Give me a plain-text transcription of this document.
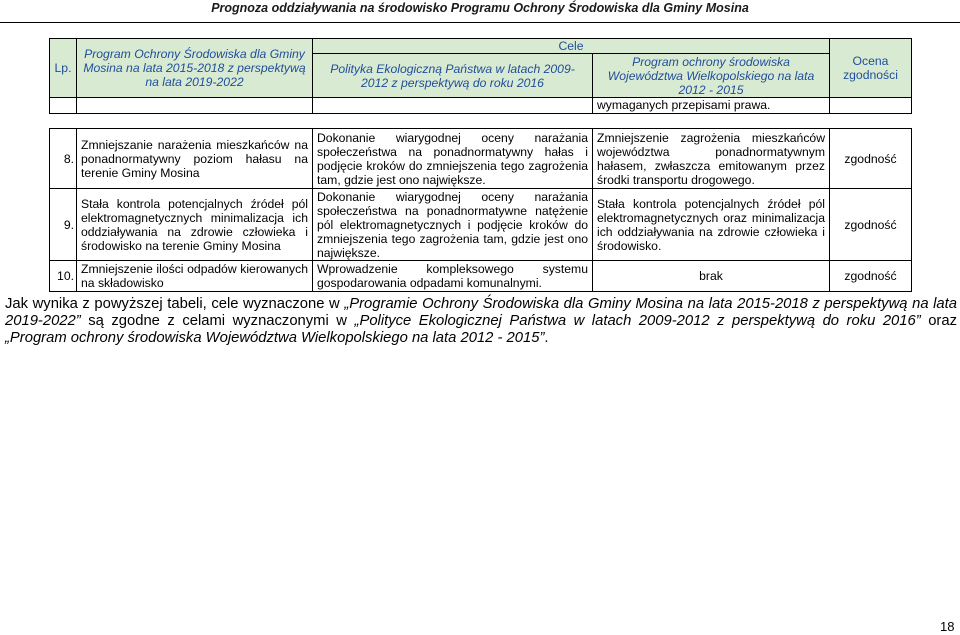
Prognoza oddziaływania na środowisko Programu Ochrony Środowiska dla Gminy Mosina
Lp.	Program Ochrony Środowiska dla Gminy Mosina na lata 2015-2018 z perspektywą na lata 2019-2022	Cele		Ocena zgodności
		Polityka Ekologiczną Państwa w latach 2009-2012 z perspektywą do roku 2016	Program ochrony środowiska Województwa Wielkopolskiego na lata 2012 - 2015	
			wymaganych przepisami prawa.	

8.	Zmniejszanie narażenia mieszkańców na ponadnormatywny poziom hałasu na terenie Gminy Mosina	Dokonanie wiarygodnej oceny narażania społeczeństwa na ponadnormatywny hałas i podjęcie kroków do zmniejszenia tego zagrożenia tam, gdzie jest ono największe.	Zmniejszenie zagrożenia mieszkańców województwa ponadnormatywnym hałasem, zwłaszcza emitowanym przez środki transportu drogowego.	zgodność
9.	Stała kontrola potencjalnych źródeł pól elektromagnetycznych minimalizacja ich oddziaływania na zdrowie człowieka i środowisko na terenie Gminy Mosina	Dokonanie wiarygodnej oceny narażania społeczeństwa na ponadnormatywne natężenie pól elektromagnetycznych i podjęcie kroków do zmniejszenia tego zagrożenia tam, gdzie jest ono największe.	Stała kontrola potencjalnych źródeł pól elektromagnetycznych oraz minimalizacja ich oddziaływania na zdrowie człowieka i środowisko.	zgodność
10.	Zmniejszenie ilości odpadów kierowanych na składowisko	Wprowadzenie kompleksowego systemu gospodarowania odpadami komunalnymi.	brak	zgodność

Jak wynika z powyższej tabeli, cele wyznaczone w „Programie Ochrony Środowiska dla Gminy Mosina na lata 2015-2018 z perspektywą na lata 2019-2022” są zgodne z celami wyznaczonymi w „Polityce Ekologicznej Państwa w latach 2009-2012 z perspektywą do roku 2016” oraz „Program ochrony środowiska Województwa Wielkopolskiego na lata 2012 - 2015”.

18
